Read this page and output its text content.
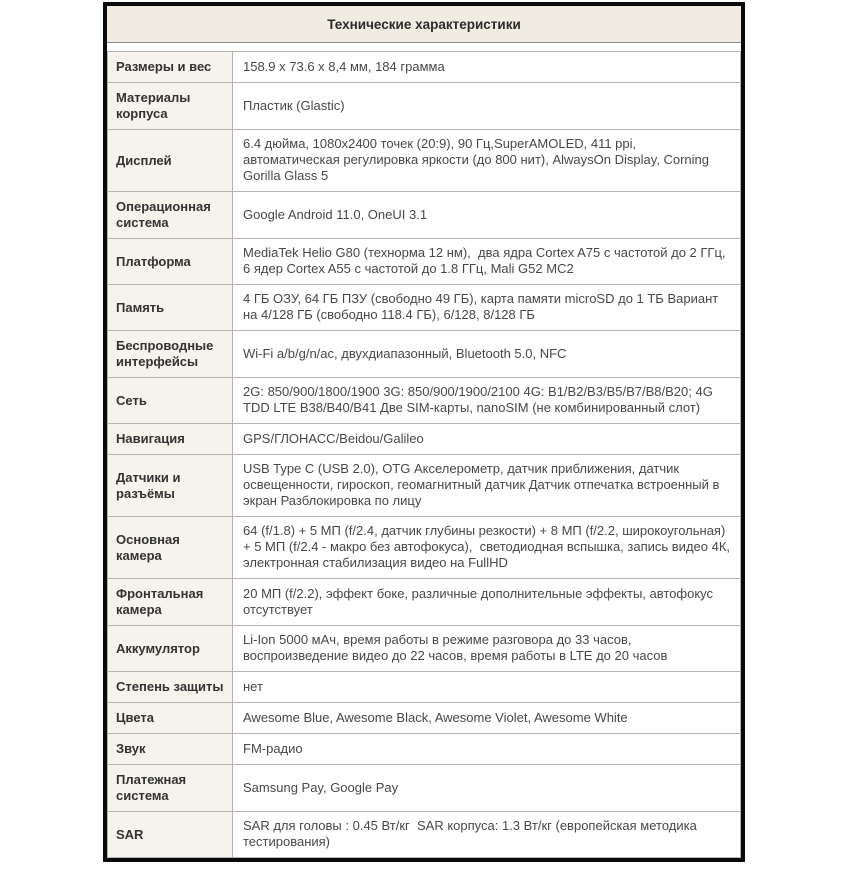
Технические характеристики
Размеры и вес	158.9 x 73.6 x 8,4 мм, 184 грамма
Материалы корпуса	Пластик (Glastic)
Дисплей	6.4 дюйма, 1080x2400 точек (20:9), 90 Гц,SuperAMOLED, 411 ppi, автоматическая регулировка яркости (до 800 нит), AlwaysOn Display, Corning Gorilla Glass 5
Операционная система	Google Android 11.0, OneUI 3.1
Платформа	MediaTek Helio G80 (технорма 12 нм),  два ядра Cortex A75 с частотой до 2 ГГц, 6 ядер Cortex A55 с частотой до 1.8 ГГц, Mali G52 MC2
Память	4 ГБ ОЗУ, 64 ГБ ПЗУ (свободно 49 ГБ), карта памяти microSD до 1 ТБ Вариант на 4/128 ГБ (свободно 118.4 ГБ), 6/128, 8/128 ГБ
Беспроводные интерфейсы	Wi-Fi a/b/g/n/ac, двухдиапазонный, Bluetooth 5.0, NFC
Сеть	2G: 850/900/1800/1900 3G: 850/900/1900/2100 4G: B1/B2/B3/B5/B7/B8/B20; 4G TDD LTE B38/B40/B41 Две SIM-карты, nanoSIM (не комбинированный слот)
Навигация	GPS/ГЛОНАСС/Beidou/Galileo
Датчики и разъёмы	USB Type C (USB 2.0), OTG Акселерометр, датчик приближения, датчик освещенности, гироскоп, геомагнитный датчик Датчик отпечатка встроенный в экран Разблокировка по лицу
Основная камера	64 (f/1.8) + 5 МП (f/2.4, датчик глубины резкости) + 8 МП (f/2.2, широкоугольная) + 5 МП (f/2.4 - макро без автофокуса),  светодиодная вспышка, запись видео 4К, электронная стабилизация видео на FullHD
Фронтальная камера	20 МП (f/2.2), эффект боке, различные дополнительные эффекты, автофокус отсутствует
Аккумулятор	Li-Ion 5000 мАч, время работы в режиме разговора до 33 часов, воспроизведение видео до 22 часов, время работы в LTE до 20 часов
Степень защиты	нет
Цвета	Awesome Blue, Awesome Black, Awesome Violet, Awesome White
Звук	FM-радио
Платежная система	Samsung Pay, Google Pay
SAR	SAR для головы : 0.45 Вт/кг  SAR корпуса: 1.3 Вт/кг (европейская методика тестирования)
